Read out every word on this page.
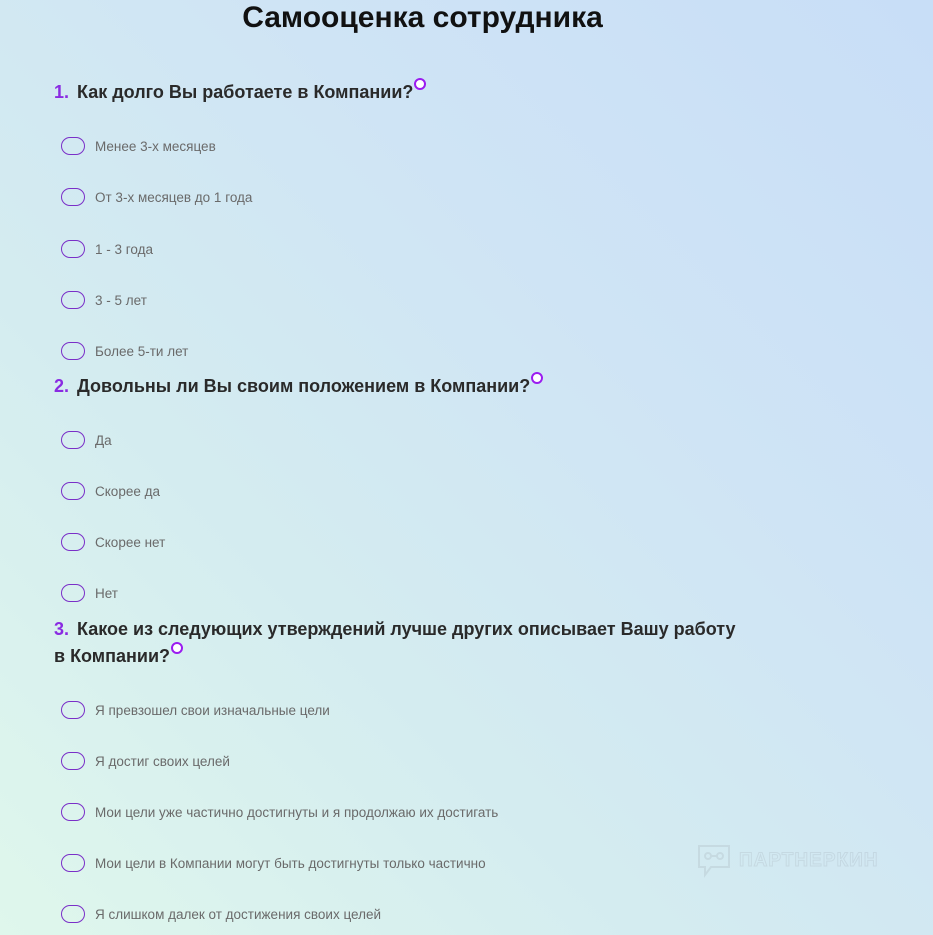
Самооценка сотрудника
1. Как долго Вы работаете в Компании?
Менее 3-х месяцев
От 3-х месяцев до 1 года
1 - 3 года
3 - 5 лет
Более 5-ти лет
2. Довольны ли Вы своим положением в Компании?
Да
Скорее да
Скорее нет
Нет
3. Какое из следующих утверждений лучше других описывает Вашу работу в Компании?
Я превзошел свои изначальные цели
Я достиг своих целей
Мои цели уже частично достигнуты и я продолжаю их достигать
Мои цели в Компании могут быть достигнуты только частично
Я слишком далек от достижения своих целей
ПАРТНЕРКИН
